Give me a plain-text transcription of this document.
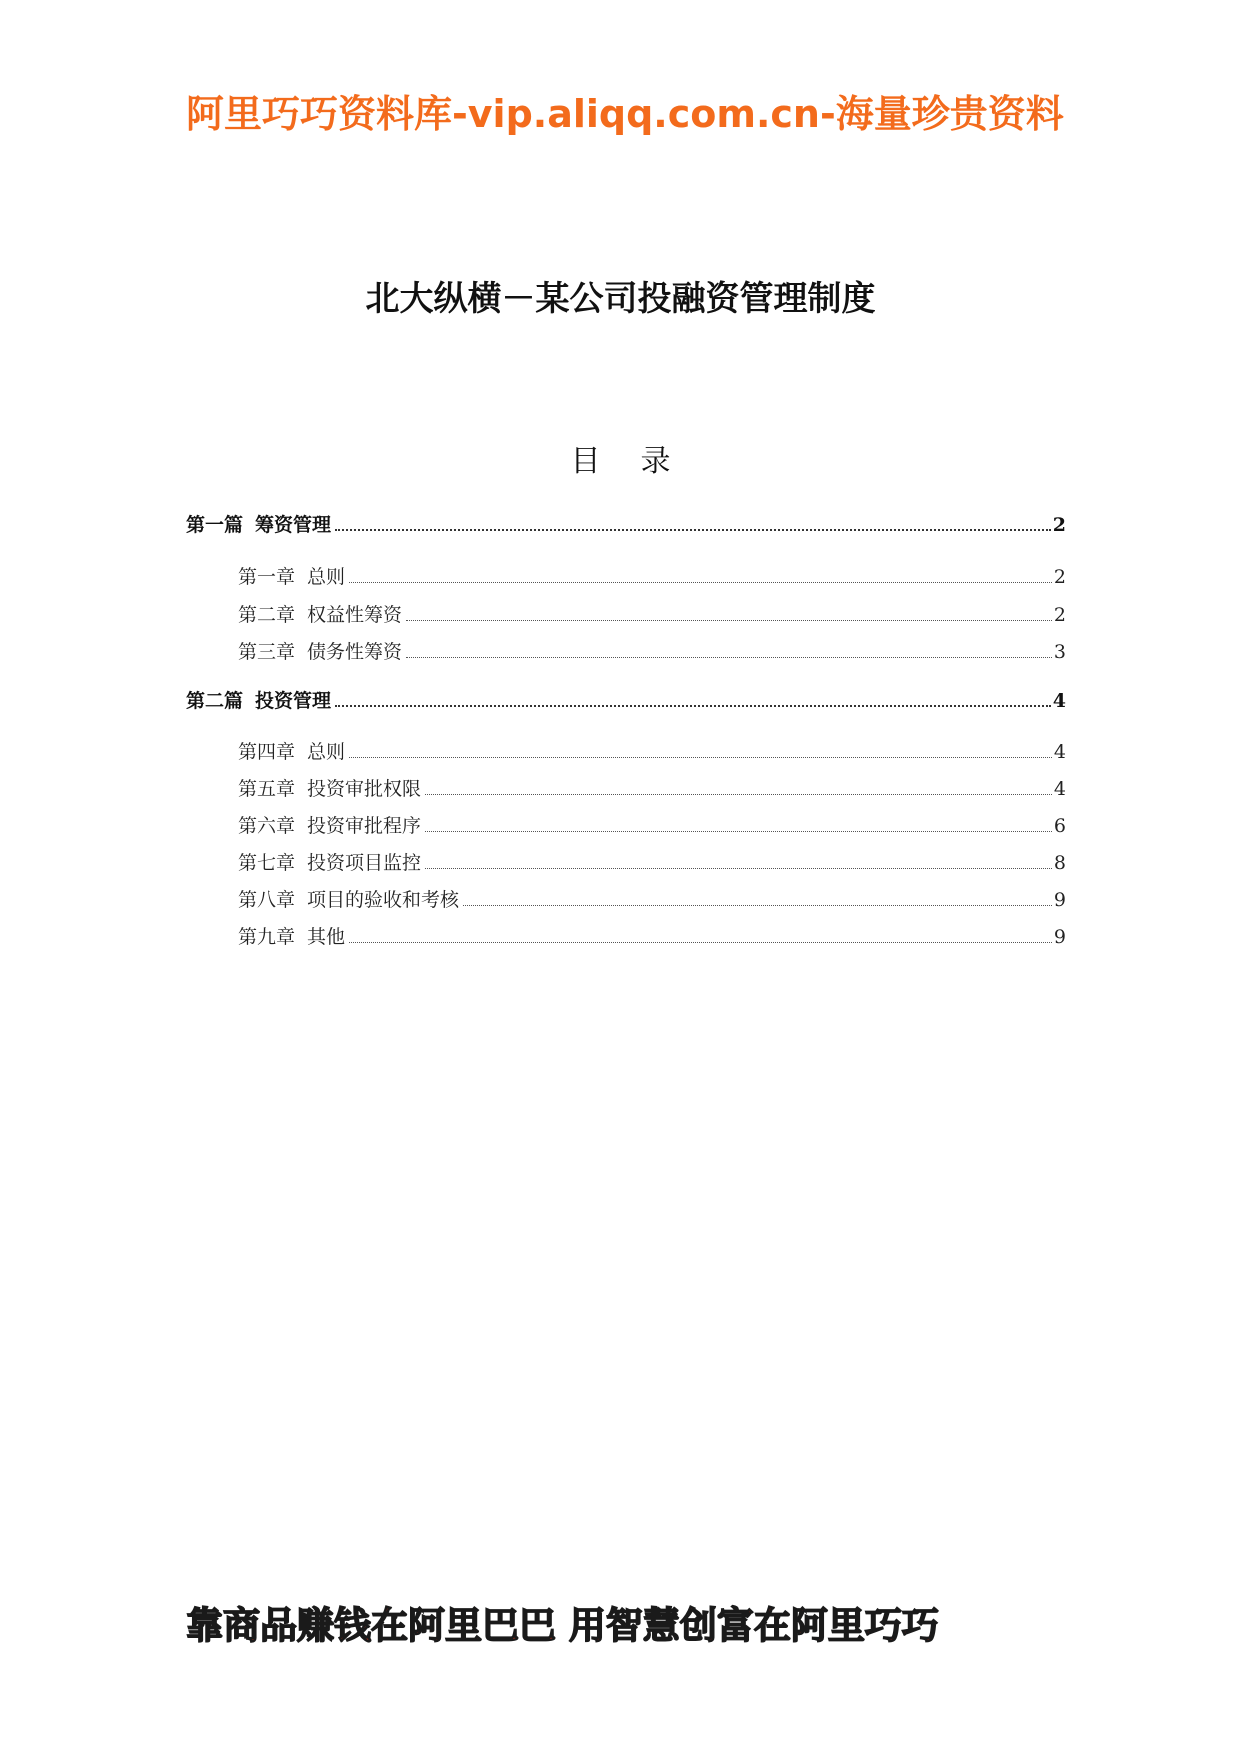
阿里巧巧资料库-vip.aliqq.com.cn-海量珍贵资料
北大纵横－某公司投融资管理制度
目 录
第一篇 筹资管理	2
第一章 总则	2
第二章 权益性筹资	2
第三章 债务性筹资	3
第二篇 投资管理	4
第四章 总则	4
第五章 投资审批权限	4
第六章 投资审批程序	6
第七章 投资项目监控	8
第八章 项目的验收和考核	9
第九章 其他	9
靠商品赚钱在阿里巴巴 用智慧创富在阿里巧巧
